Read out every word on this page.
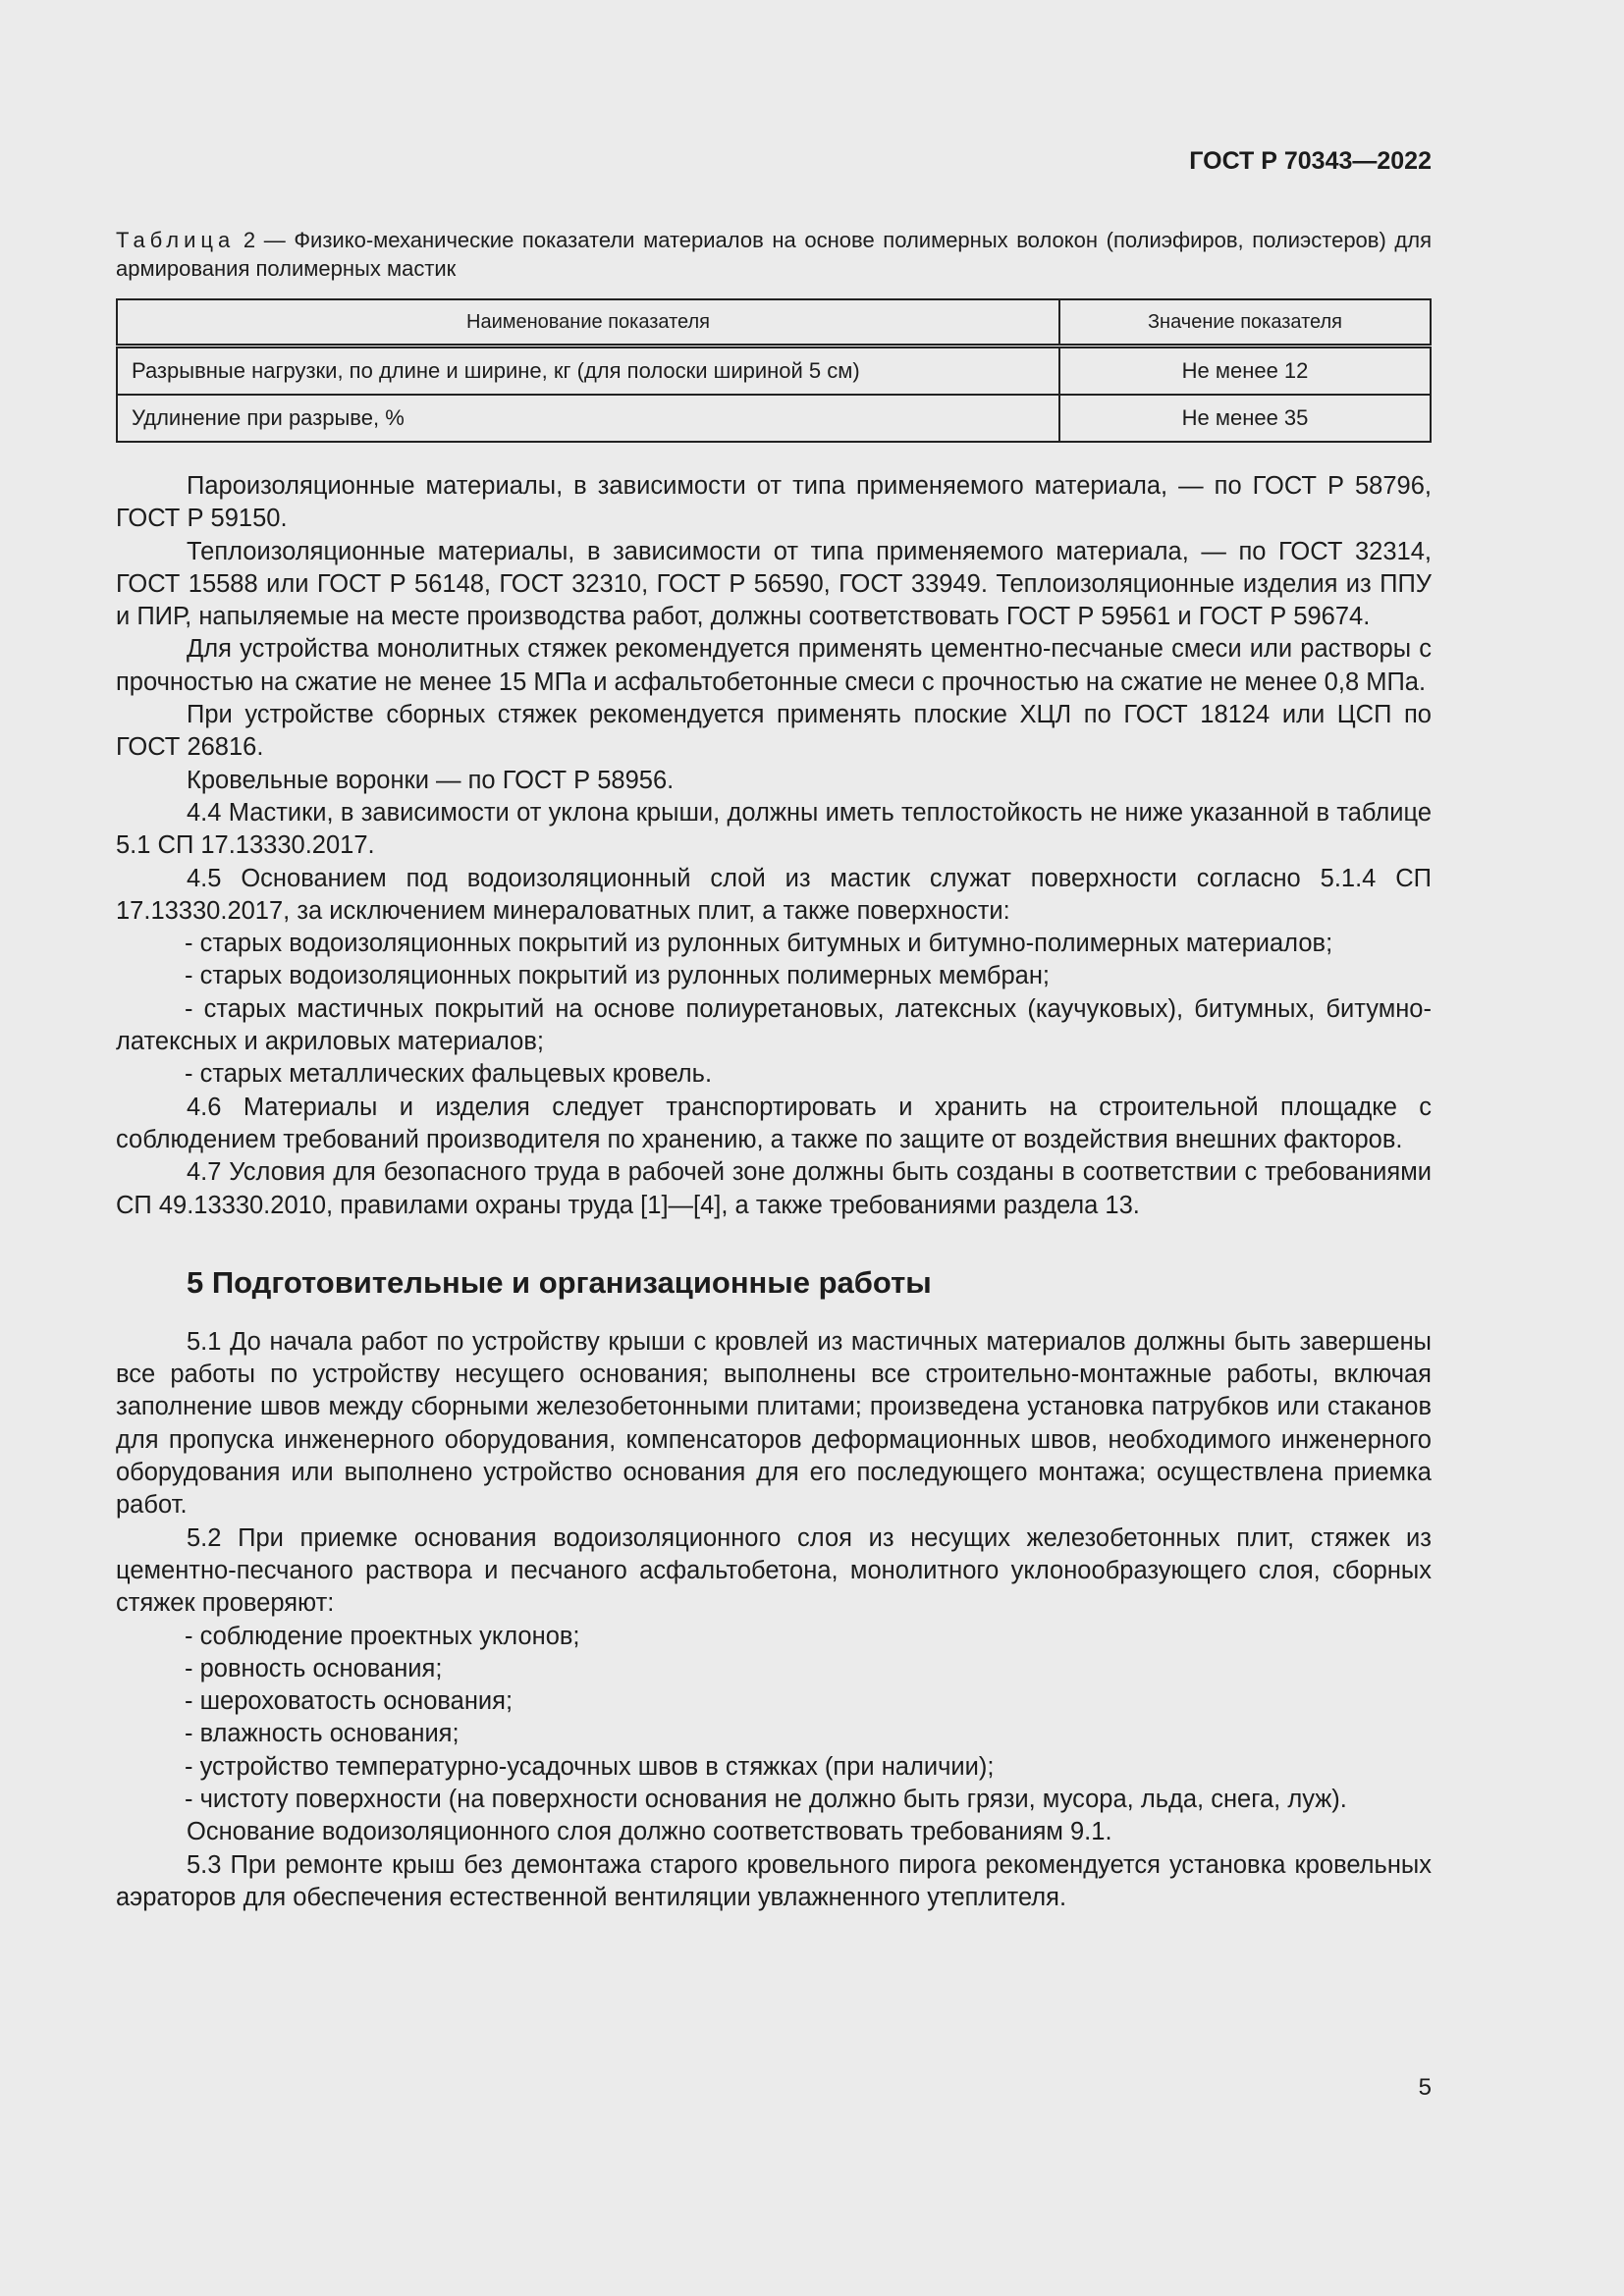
ГОСТ Р 70343—2022

Таблица 2 — Физико-механические показатели материалов на основе полимерных волокон (полиэфиров, полиэстеров) для армирования полимерных мастик

Наименование показателя	Значение показателя
Разрывные нагрузки, по длине и ширине, кг (для полоски шириной 5 см)	Не менее 12
Удлинение при разрыве, %	Не менее 35

Пароизоляционные материалы, в зависимости от типа применяемого материала, — по ГОСТ Р 58796, ГОСТ Р 59150.

Теплоизоляционные материалы, в зависимости от типа применяемого материала, — по ГОСТ 32314, ГОСТ 15588 или ГОСТ Р 56148, ГОСТ 32310, ГОСТ Р 56590, ГОСТ 33949. Теплоизоляционные изделия из ППУ и ПИР, напыляемые на месте производства работ, должны соответствовать ГОСТ Р 59561 и ГОСТ Р 59674.

Для устройства монолитных стяжек рекомендуется применять цементно-песчаные смеси или растворы с прочностью на сжатие не менее 15 МПа и асфальтобетонные смеси с прочностью на сжатие не менее 0,8 МПа.

При устройстве сборных стяжек рекомендуется применять плоские ХЦЛ по ГОСТ 18124 или ЦСП по ГОСТ 26816.

Кровельные воронки — по ГОСТ Р 58956.

4.4 Мастики, в зависимости от уклона крыши, должны иметь теплостойкость не ниже указанной в таблице 5.1 СП 17.13330.2017.

4.5 Основанием под водоизоляционный слой из мастик служат поверхности согласно 5.1.4 СП 17.13330.2017, за исключением минераловатных плит, а также поверхности:

- старых водоизоляционных покрытий из рулонных битумных и битумно-полимерных материалов;

- старых водоизоляционных покрытий из рулонных полимерных мембран;

- старых мастичных покрытий на основе полиуретановых, латексных (каучуковых), битумных, битумно-латексных и акриловых материалов;

- старых металлических фальцевых кровель.

4.6 Материалы и изделия следует транспортировать и хранить на строительной площадке с соблюдением требований производителя по хранению, а также по защите от воздействия внешних факторов.

4.7 Условия для безопасного труда в рабочей зоне должны быть созданы в соответствии с требованиями СП 49.13330.2010, правилами охраны труда [1]—[4], а также требованиями раздела 13.

5 Подготовительные и организационные работы

5.1 До начала работ по устройству крыши с кровлей из мастичных материалов должны быть завершены все работы по устройству несущего основания; выполнены все строительно-монтажные работы, включая заполнение швов между сборными железобетонными плитами; произведена установка патрубков или стаканов для пропуска инженерного оборудования, компенсаторов деформационных швов, необходимого инженерного оборудования или выполнено устройство основания для его последующего монтажа; осуществлена приемка работ.

5.2 При приемке основания водоизоляционного слоя из несущих железобетонных плит, стяжек из цементно-песчаного раствора и песчаного асфальтобетона, монолитного уклонообразующего слоя, сборных стяжек проверяют:

- соблюдение проектных уклонов;

- ровность основания;

- шероховатость основания;

- влажность основания;

- устройство температурно-усадочных швов в стяжках (при наличии);

- чистоту поверхности (на поверхности основания не должно быть грязи, мусора, льда, снега, луж).

Основание водоизоляционного слоя должно соответствовать требованиям 9.1.

5.3 При ремонте крыш без демонтажа старого кровельного пирога рекомендуется установка кровельных аэраторов для обеспечения естественной вентиляции увлажненного утеплителя.

5
